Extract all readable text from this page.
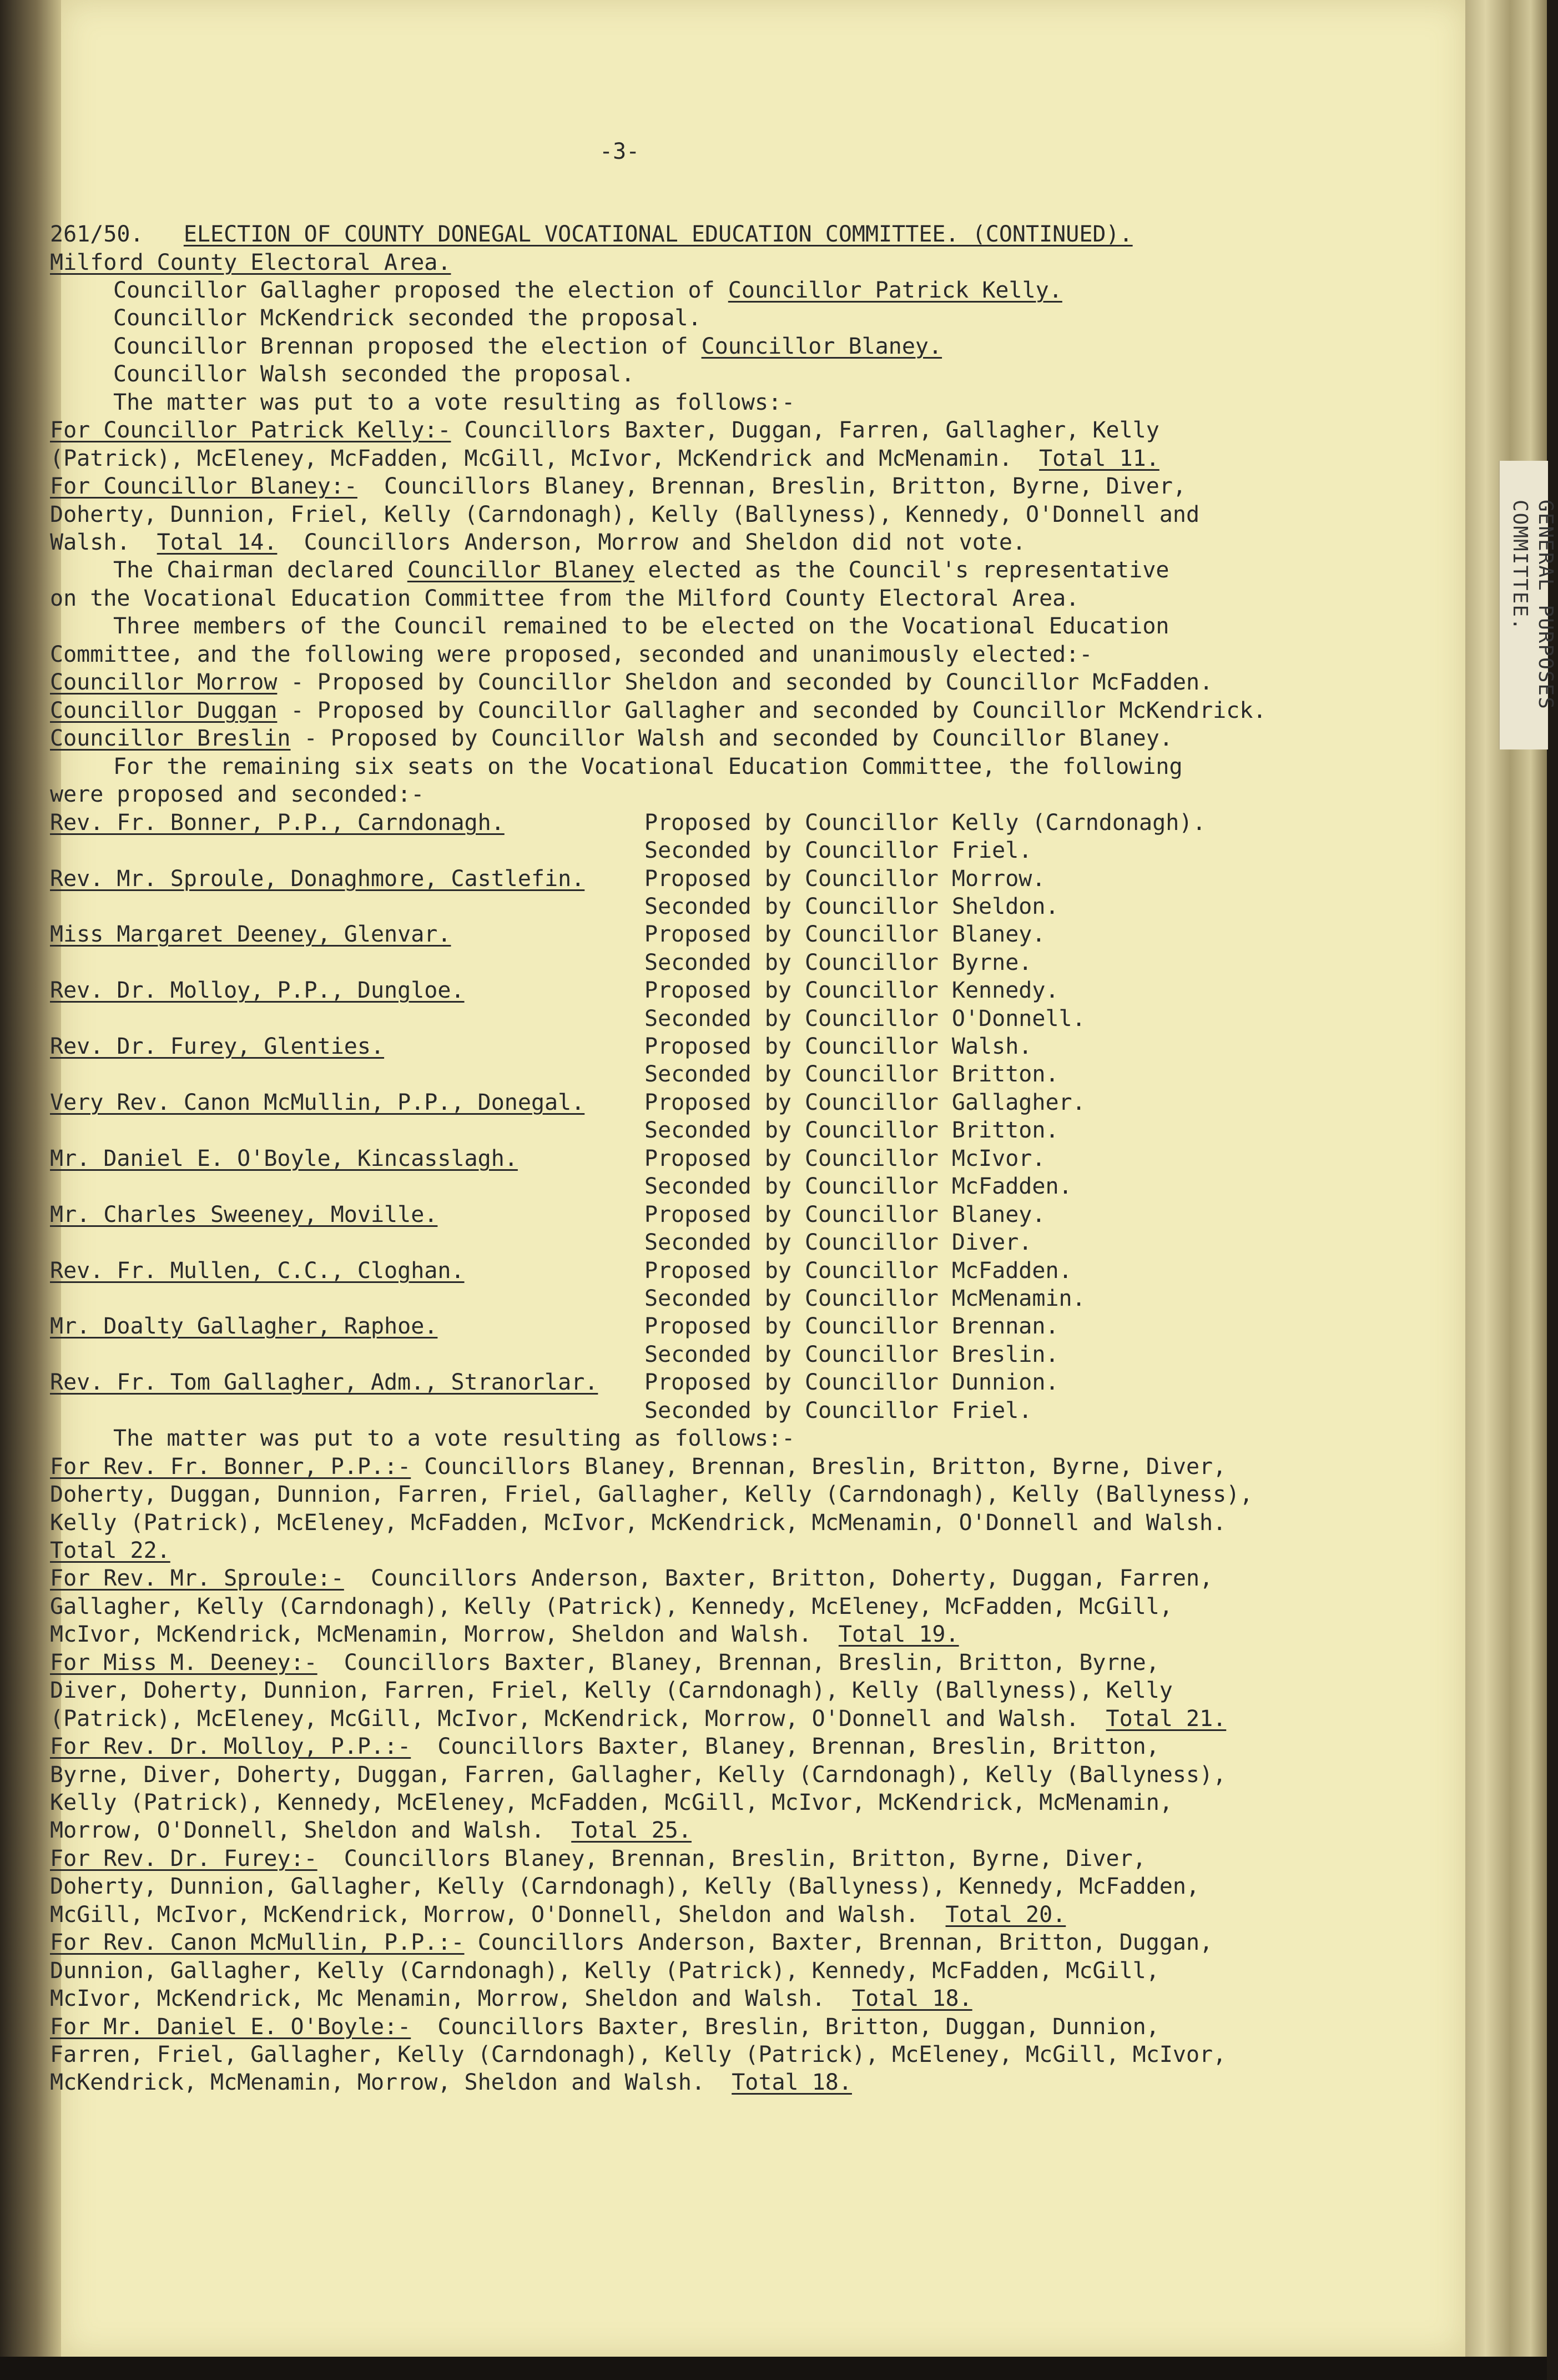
GENERAL PURPOSES
COMMITTEE.
-3-
261/50. ELECTION OF COUNTY DONEGAL VOCATIONAL EDUCATION COMMITTEE. (CONTINUED).
Milford County Electoral Area.
Councillor Gallagher proposed the election of Councillor Patrick Kelly.
Councillor McKendrick seconded the proposal.
Councillor Brennan proposed the election of Councillor Blaney.
Councillor Walsh seconded the proposal.
The matter was put to a vote resulting as follows:-
For Councillor Patrick Kelly:- Councillors Baxter, Duggan, Farren, Gallagher, Kelly
(Patrick), McEleney, McFadden, McGill, McIvor, McKendrick and McMenamin. Total 11.
For Councillor Blaney:-  Councillors Blaney, Brennan, Breslin, Britton, Byrne, Diver,
Doherty, Dunnion, Friel, Kelly (Carndonagh), Kelly (Ballyness), Kennedy, O'Donnell and
Walsh. Total 14. Councillors Anderson, Morrow and Sheldon did not vote.
The Chairman declared Councillor Blaney elected as the Council's representative
on the Vocational Education Committee from the Milford County Electoral Area.
Three members of the Council remained to be elected on the Vocational Education
Committee, and the following were proposed, seconded and unanimously elected:-
Councillor Morrow - Proposed by Councillor Sheldon and seconded by Councillor McFadden.
Councillor Duggan - Proposed by Councillor Gallagher and seconded by Councillor McKendrick.
Councillor Breslin - Proposed by Councillor Walsh and seconded by Councillor Blaney.
For the remaining six seats on the Vocational Education Committee, the following
were proposed and seconded:-
Rev. Fr. Bonner, P.P., Carndonagh.	Proposed by Councillor Kelly (Carndonagh).
Seconded by Councillor Friel.
Rev. Mr. Sproule, Donaghmore, Castlefin.	Proposed by Councillor Morrow.
Seconded by Councillor Sheldon.
Miss Margaret Deeney, Glenvar.	Proposed by Councillor Blaney.
Seconded by Councillor Byrne.
Rev. Dr. Molloy, P.P., Dungloe.	Proposed by Councillor Kennedy.
Seconded by Councillor O'Donnell.
Rev. Dr. Furey, Glenties.	Proposed by Councillor Walsh.
Seconded by Councillor Britton.
Very Rev. Canon McMullin, P.P., Donegal.	Proposed by Councillor Gallagher.
Seconded by Councillor Britton.
Mr. Daniel E. O'Boyle, Kincasslagh.	Proposed by Councillor McIvor.
Seconded by Councillor McFadden.
Mr. Charles Sweeney, Moville.	Proposed by Councillor Blaney.
Seconded by Councillor Diver.
Rev. Fr. Mullen, C.C., Cloghan.	Proposed by Councillor McFadden.
Seconded by Councillor McMenamin.
Mr. Doalty Gallagher, Raphoe.	Proposed by Councillor Brennan.
Seconded by Councillor Breslin.
Rev. Fr. Tom Gallagher, Adm., Stranorlar. Proposed by Councillor Dunnion.
Seconded by Councillor Friel.
The matter was put to a vote resulting as follows:-
For Rev. Fr. Bonner, P.P.:- Councillors Blaney, Brennan, Breslin, Britton, Byrne, Diver,
Doherty, Duggan, Dunnion, Farren, Friel, Gallagher, Kelly (Carndonagh), Kelly (Ballyness),
Kelly (Patrick), McEleney, McFadden, McIvor, McKendrick, McMenamin, O'Donnell and Walsh.
Total 22.
For Rev. Mr. Sproule:-  Councillors Anderson, Baxter, Britton, Doherty, Duggan, Farren,
Gallagher, Kelly (Carndonagh), Kelly (Patrick), Kennedy, McEleney, McFadden, McGill,
McIvor, McKendrick, McMenamin, Morrow, Sheldon and Walsh. Total 19.
For Miss M. Deeney:-  Councillors Baxter, Blaney, Brennan, Breslin, Britton, Byrne,
Diver, Doherty, Dunnion, Farren, Friel, Kelly (Carndonagh), Kelly (Ballyness), Kelly
(Patrick), McEleney, McGill, McIvor, McKendrick, Morrow, O'Donnell and Walsh. Total 21.
For Rev. Dr. Molloy, P.P.:-  Councillors Baxter, Blaney, Brennan, Breslin, Britton,
Byrne, Diver, Doherty, Duggan, Farren, Gallagher, Kelly (Carndonagh), Kelly (Ballyness),
Kelly (Patrick), Kennedy, McEleney, McFadden, McGill, McIvor, McKendrick, McMenamin,
Morrow, O'Donnell, Sheldon and Walsh. Total 25.
For Rev. Dr. Furey:-  Councillors Blaney, Brennan, Breslin, Britton, Byrne, Diver,
Doherty, Dunnion, Gallagher, Kelly (Carndonagh), Kelly (Ballyness), Kennedy, McFadden,
McGill, McIvor, McKendrick, Morrow, O'Donnell, Sheldon and Walsh. Total 20.
For Rev. Canon McMullin, P.P.:- Councillors Anderson, Baxter, Brennan, Britton, Duggan,
Dunnion, Gallagher, Kelly (Carndonagh), Kelly (Patrick), Kennedy, McFadden, McGill,
McIvor, McKendrick, Mc Menamin, Morrow, Sheldon and Walsh. Total 18.
For Mr. Daniel E. O'Boyle:-  Councillors Baxter, Breslin, Britton, Duggan, Dunnion,
Farren, Friel, Gallagher, Kelly (Carndonagh), Kelly (Patrick), McEleney, McGill, McIvor,
McKendrick, McMenamin, Morrow, Sheldon and Walsh. Total 18.
